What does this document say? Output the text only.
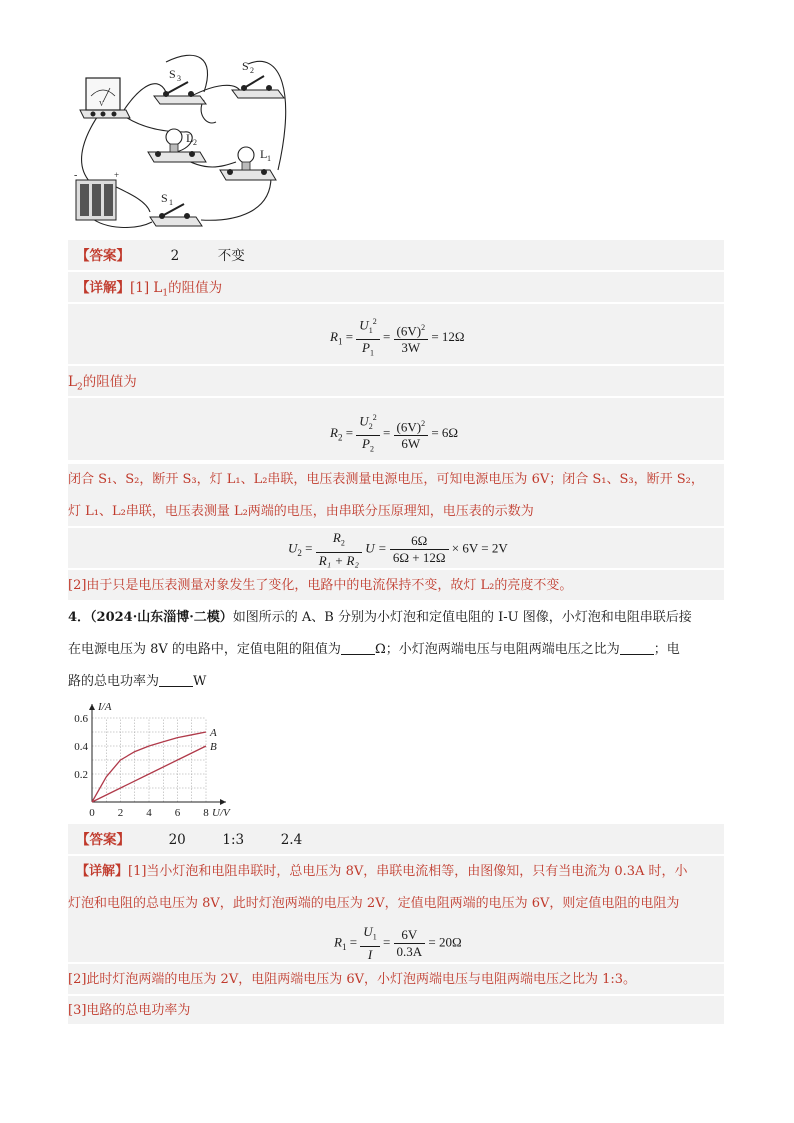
V
S 3
S 2
L 2
L 1
-	+
S 1
【答案】	2	不变
【详解】[1] $L_1$的阻值为
$R_1 = \frac{U_1^2}{P_1} = \frac{(6V)^2}{3W} = 12\Omega$
$L_2$的阻值为
$R_2 = \frac{U_2^2}{P_2} = \frac{(6V)^2}{6W} = 6\Omega$
闭合 S₁、S₂，断开 S₃，灯 L₁、L₂串联，电压表测量电源电压，可知电源电压为 6V；闭合 S₁、S₃，断开 S₂，
灯 L₁、L₂串联，电压表测量 L₂两端的电压，由串联分压原理知，电压表的示数为
$U_2 = \frac{R_2}{\text{R₁ + R₂}}$ $U = \frac{6\Omega}{6\Omega + 12\Omega} \times 6V = 2V$
[2]由于只是电压表测量对象发生了变化，电路中的电流保持不变，故灯 L₂的亮度不变。
4．（2024·山东淄博·二模）如图所示的 A、B 分别为小灯泡和定值电阻的 I-U 图像，小灯泡和电阻串联后接
在电源电压为 8V 的电路中，定值电阻的阻值为	Ω；小灯泡两端电压与电阻两端电压之比为	；电
路的总电功率为	W
0 2 4 6 8
0.2
0.4
0.6
I/A
U/V
A
B
【答案】	20	1:3	2.4
【详解】[1]当小灯泡和电阻串联时，总电压为 8V，串联电流相等，由图像知，只有当电流为 0.3A 时，小
灯泡和电阻的总电压为 8V，此时灯泡两端的电压为 2V，定值电阻两端的电压为 6V，则定值电阻的电阻为
$R_1 = \frac{U_1}{I} = \frac{6V}{0.3A} = 20\Omega$
[2]此时灯泡两端的电压为 2V，电阻两端电压为 6V，小灯泡两端电压与电阻两端电压之比为 1:3。
[3]电路的总电功率为
